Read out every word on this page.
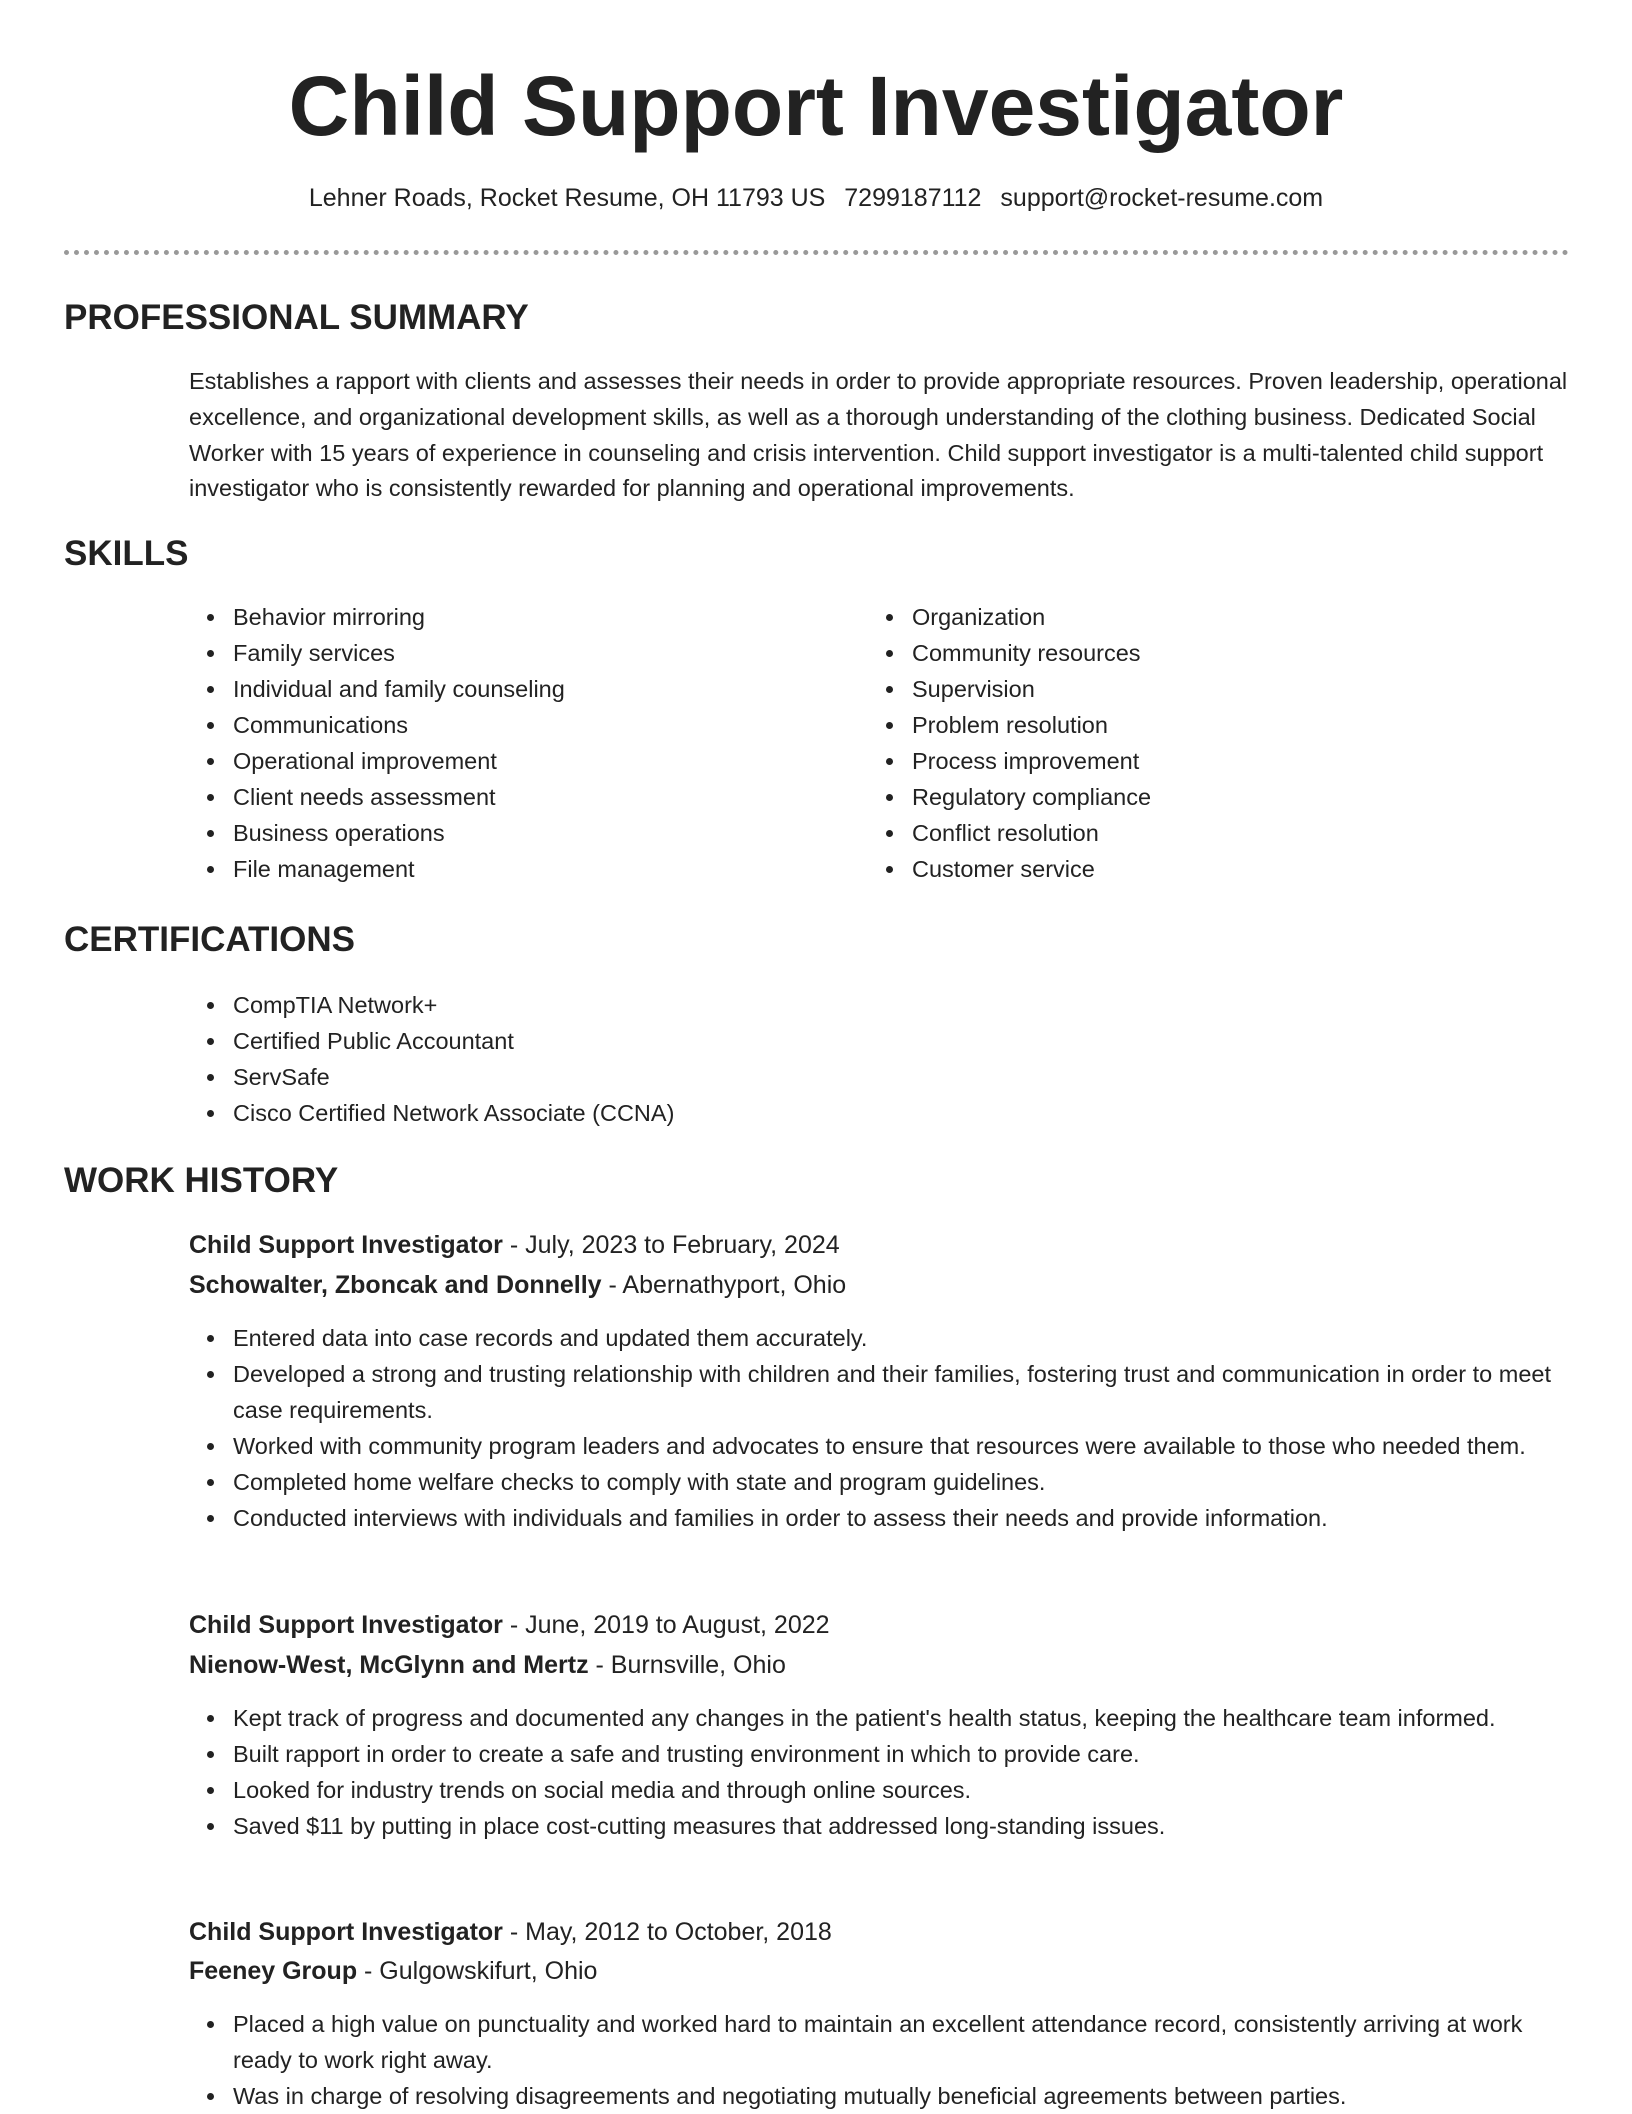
Child Support Investigator
Lehner Roads, Rocket Resume, OH 11793 US 7299187112 support@rocket-resume.com
PROFESSIONAL SUMMARY

Establishes a rapport with clients and assesses their needs in order to provide appropriate resources. Proven leadership, operational excellence, and organizational development skills, as well as a thorough understanding of the clothing business. Dedicated Social Worker with 15 years of experience in counseling and crisis intervention. Child support investigator is a multi-talented child support investigator who is consistently rewarded for planning and operational improvements.

SKILLS
Behavior mirroring
Family services
Individual and family counseling
Communications
Operational improvement
Client needs assessment
Business operations
File management
Organization
Community resources
Supervision
Problem resolution
Process improvement
Regulatory compliance
Conflict resolution
Customer service
CERTIFICATIONS
CompTIA Network+
Certified Public Accountant
ServSafe
Cisco Certified Network Associate (CCNA)
WORK HISTORY
Child Support Investigator - July, 2023 to February, 2024
Schowalter, Zboncak and Donnelly - Abernathyport, Ohio
Entered data into case records and updated them accurately.
Developed a strong and trusting relationship with children and their families, fostering trust and communication in order to meet case requirements.
Worked with community program leaders and advocates to ensure that resources were available to those who needed them.
Completed home welfare checks to comply with state and program guidelines.
Conducted interviews with individuals and families in order to assess their needs and provide information.
Child Support Investigator - June, 2019 to August, 2022
Nienow-West, McGlynn and Mertz - Burnsville, Ohio
Kept track of progress and documented any changes in the patient's health status, keeping the healthcare team informed.
Built rapport in order to create a safe and trusting environment in which to provide care.
Looked for industry trends on social media and through online sources.
Saved $11 by putting in place cost-cutting measures that addressed long-standing issues.
Child Support Investigator - May, 2012 to October, 2018
Feeney Group - Gulgowskifurt, Ohio
Placed a high value on punctuality and worked hard to maintain an excellent attendance record, consistently arriving at work ready to work right away.
Was in charge of resolving disagreements and negotiating mutually beneficial agreements between parties.
